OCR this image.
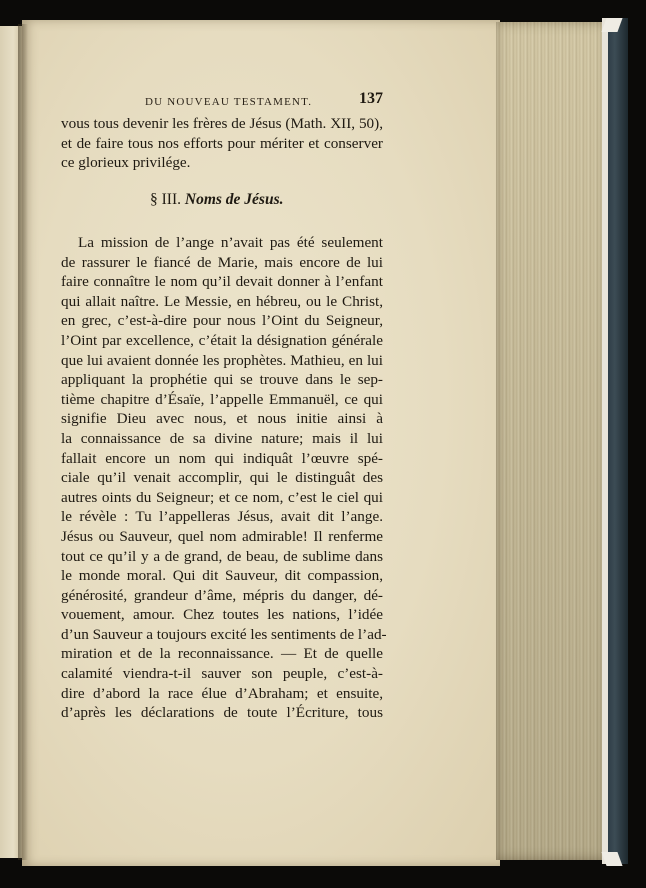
DU NOUVEAU TESTAMENT.	137
vous tous devenir les frères de Jésus (Math. XII, 50),
et de faire tous nos efforts pour mériter et conserver
ce glorieux privilége.
§ III. Noms de Jésus.
La mission de l’ange n’avait pas été seulement
de rassurer le fiancé de Marie, mais encore de lui
faire connaître le nom qu’il devait donner à l’enfant
qui allait naître. Le Messie, en hébreu, ou le Christ,
en grec, c’est-à-dire pour nous l’Oint du Seigneur,
l’Oint par excellence, c’était la désignation générale
que lui avaient donnée les prophètes. Mathieu, en lui
appliquant la prophétie qui se trouve dans le sep-
tième chapitre d’Ésaïe, l’appelle Emmanuël, ce qui
signifie Dieu avec nous, et nous initie ainsi à
la connaissance de sa divine nature; mais il lui
fallait encore un nom qui indiquât l’œuvre spé-
ciale qu’il venait accomplir, qui le distinguât des
autres oints du Seigneur; et ce nom, c’est le ciel qui
le révèle : Tu l’appelleras Jésus, avait dit l’ange.
Jésus ou Sauveur, quel nom admirable! Il renferme
tout ce qu’il y a de grand, de beau, de sublime dans
le monde moral. Qui dit Sauveur, dit compassion,
générosité, grandeur d’âme, mépris du danger, dé-
vouement, amour. Chez toutes les nations, l’idée
d’un Sauveur a toujours excité les sentiments de l’ad-
miration et de la reconnaissance. — Et de quelle
calamité viendra-t-il sauver son peuple, c’est-à-
dire d’abord la race élue d’Abraham; et ensuite,
d’après les déclarations de toute l’Écriture, tous
